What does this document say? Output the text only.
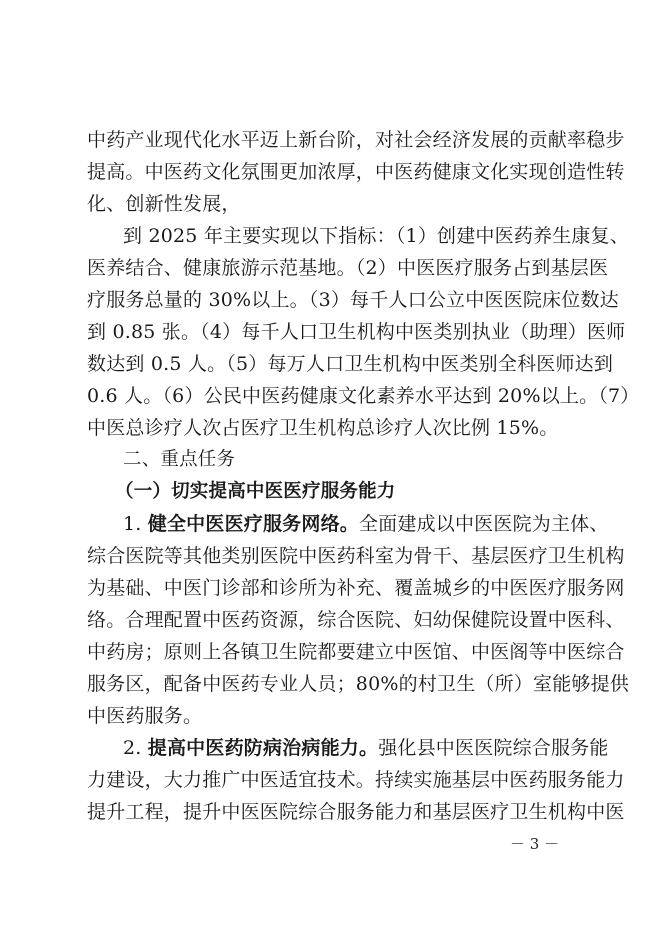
中药产业现代化水平迈上新台阶，对社会经济发展的贡献率稳步
提高。中医药文化氛围更加浓厚，中医药健康文化实现创造性转
化、创新性发展，
到 2025 年主要实现以下指标：（1）创建中医药养生康复、
医养结合、健康旅游示范基地。（2）中医医疗服务占到基层医
疗服务总量的 30%以上。（3）每千人口公立中医医院床位数达
到 0.85 张。（4）每千人口卫生机构中医类别执业（助理）医师
数达到 0.5 人。（5）每万人口卫生机构中医类别全科医师达到
0.6 人。（6）公民中医药健康文化素养水平达到 20%以上。（7）
中医总诊疗人次占医疗卫生机构总诊疗人次比例 15%。
二、重点任务
（一）切实提高中医医疗服务能力
1. 健全中医医疗服务网络。全面建成以中医医院为主体、
综合医院等其他类别医院中医药科室为骨干、基层医疗卫生机构
为基础、中医门诊部和诊所为补充、覆盖城乡的中医医疗服务网
络。合理配置中医药资源，综合医院、妇幼保健院设置中医科、
中药房；原则上各镇卫生院都要建立中医馆、中医阁等中医综合
服务区，配备中医药专业人员；80%的村卫生（所）室能够提供
中医药服务。
2. 提高中医药防病治病能力。强化县中医医院综合服务能
力建设，大力推广中医适宜技术。持续实施基层中医药服务能力
提升工程，提升中医医院综合服务能力和基层医疗卫生机构中医
－ 3 －
